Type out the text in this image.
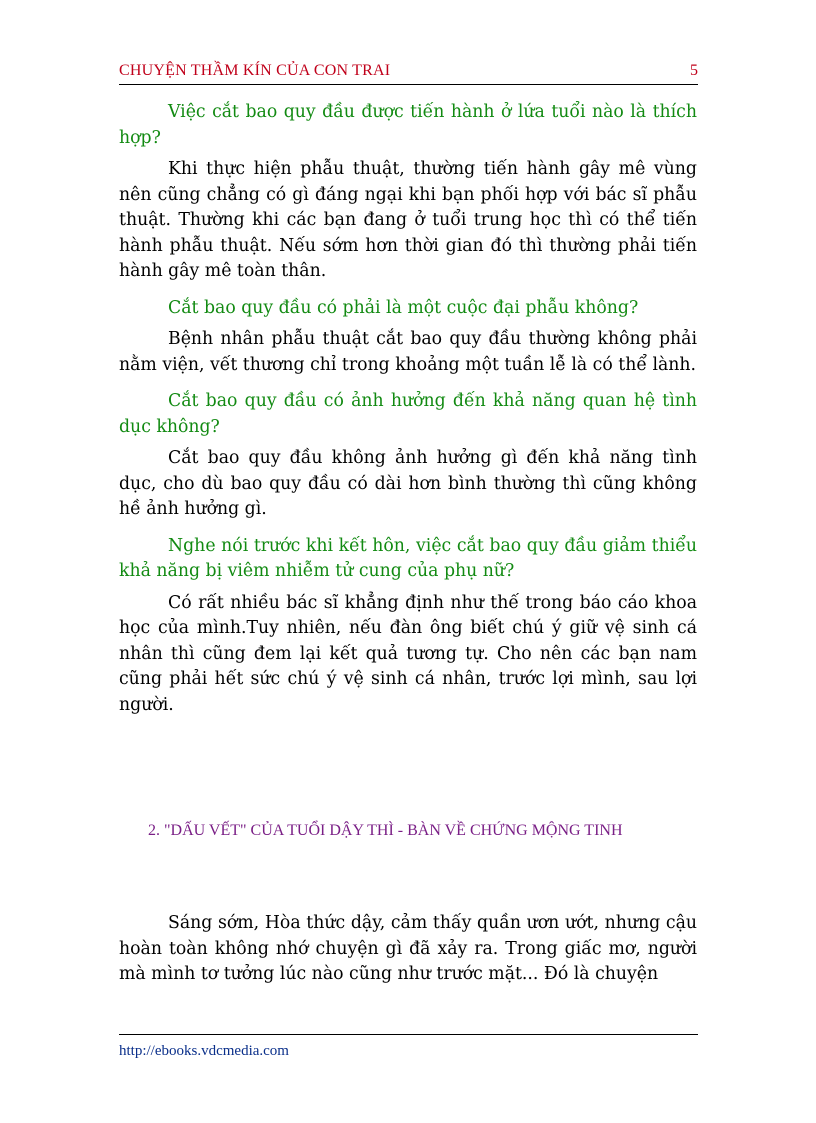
CHUYỆN THẦM KÍN CỦA CON TRAI	5

Việc cắt bao quy đầu được tiến hành ở lứa tuổi nào là thích hợp?

Khi thực hiện phẫu thuật, thường tiến hành gây mê vùng nên cũng chẳng có gì đáng ngại khi bạn phối hợp với bác sĩ phẫu thuật. Thường khi các bạn đang ở tuổi trung học thì có thể tiến hành phẫu thuật. Nếu sớm hơn thời gian đó thì thường phải tiến hành gây mê toàn thân.

Cắt bao quy đầu có phải là một cuộc đại phẫu không?

Bệnh nhân phẫu thuật cắt bao quy đầu thường không phải nằm viện, vết thương chỉ trong khoảng một tuần lễ là có thể lành.

Cắt bao quy đầu có ảnh hưởng đến khả năng quan hệ tình dục không?

Cắt bao quy đầu không ảnh hưởng gì đến khả năng tình dục, cho dù bao quy đầu có dài hơn bình thường thì cũng không hề ảnh hưởng gì.

Nghe nói trước khi kết hôn, việc cắt bao quy đầu giảm thiểu khả năng bị viêm nhiễm tử cung của phụ nữ?

Có rất nhiều bác sĩ khẳng định như thế trong báo cáo khoa học của mình.Tuy nhiên, nếu đàn ông biết chú ý giữ vệ sinh cá nhân thì cũng đem lại kết quả tương tự. Cho nên các bạn nam cũng phải hết sức chú ý vệ sinh cá nhân, trước lợi mình, sau lợi người.

2. "DẤU VẾT" CỦA TUỔI DẬY THÌ - BÀN VỀ CHỨNG MỘNG TINH

Sáng sớm, Hòa thức dậy, cảm thấy quần ươn ướt, nhưng cậu hoàn toàn không nhớ chuyện gì đã xảy ra. Trong giấc mơ, người mà mình tơ tưởng lúc nào cũng như trước mặt... Đó là chuyện

http://ebooks.vdcmedia.com
